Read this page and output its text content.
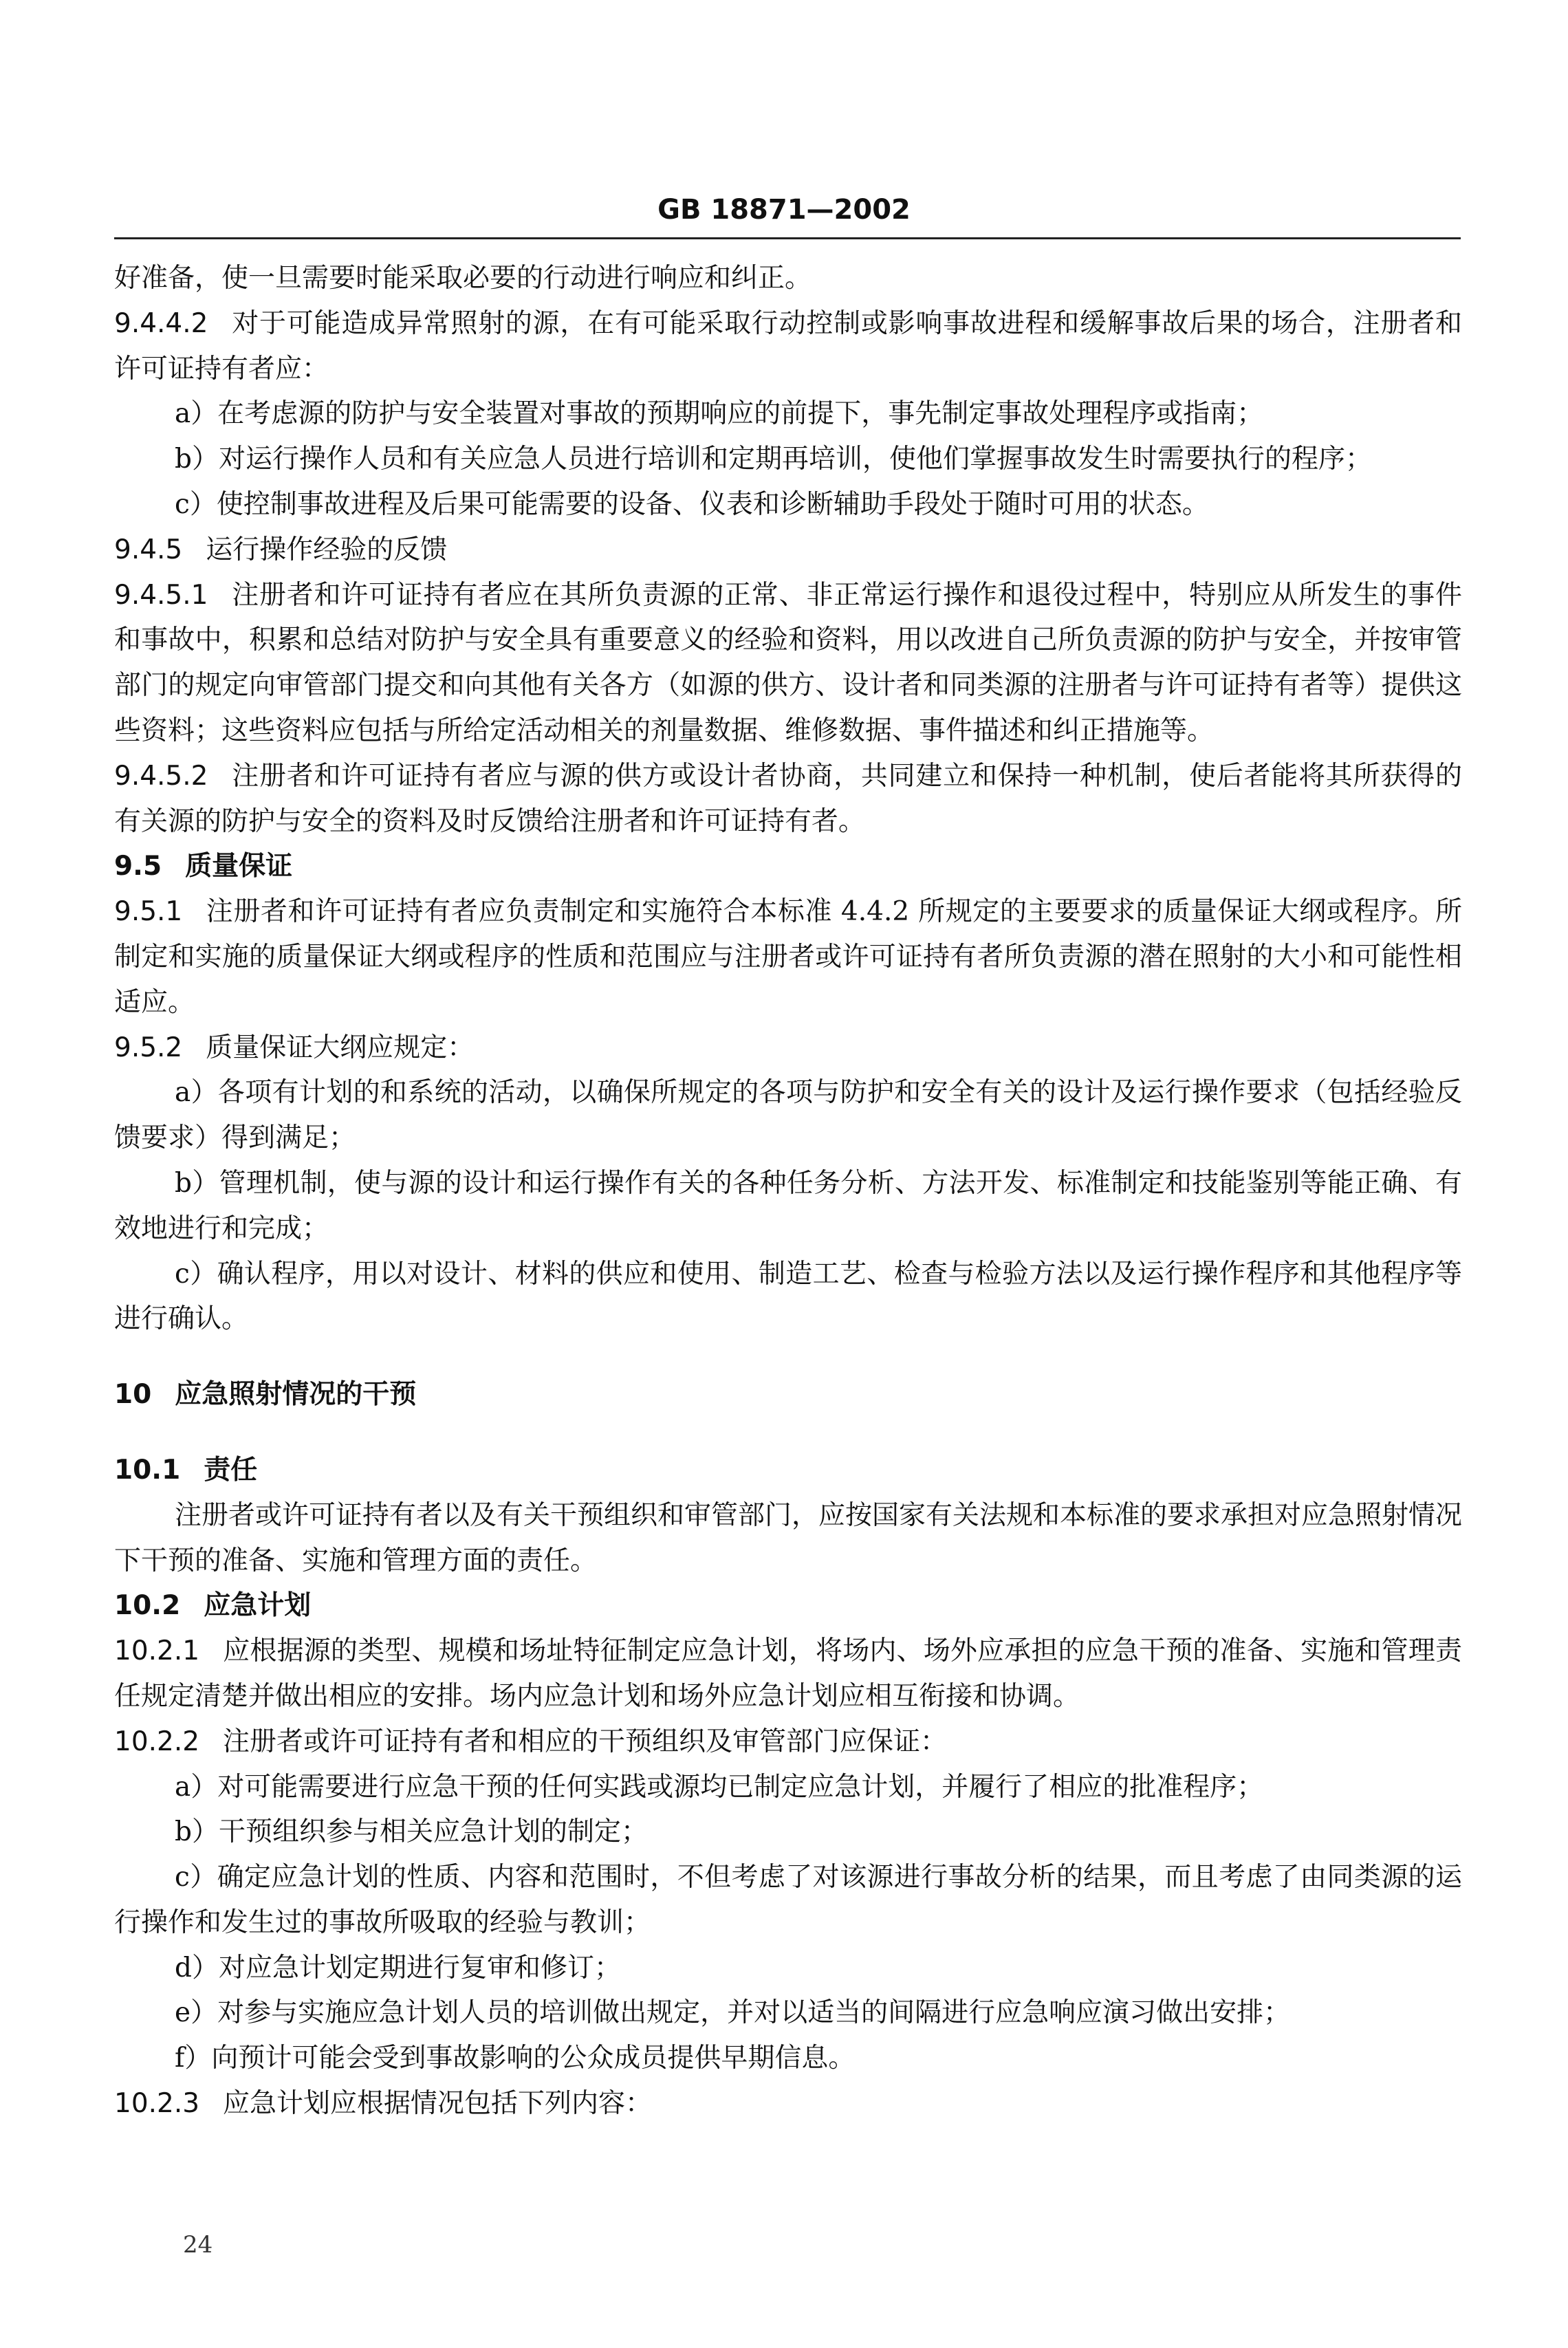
GB 18871—2002

好准备，使一旦需要时能采取必要的行动进行响应和纠正。

9.4.4.2 对于可能造成异常照射的源，在有可能采取行动控制或影响事故进程和缓解事故后果的场合，注册者和许可证持有者应：

a）在考虑源的防护与安全装置对事故的预期响应的前提下，事先制定事故处理程序或指南；

b）对运行操作人员和有关应急人员进行培训和定期再培训，使他们掌握事故发生时需要执行的程序；

c）使控制事故进程及后果可能需要的设备、仪表和诊断辅助手段处于随时可用的状态。

9.4.5 运行操作经验的反馈

9.4.5.1 注册者和许可证持有者应在其所负责源的正常、非正常运行操作和退役过程中，特别应从所发生的事件和事故中，积累和总结对防护与安全具有重要意义的经验和资料，用以改进自己所负责源的防护与安全，并按审管部门的规定向审管部门提交和向其他有关各方（如源的供方、设计者和同类源的注册者与许可证持有者等）提供这些资料；这些资料应包括与所给定活动相关的剂量数据、维修数据、事件描述和纠正措施等。

9.4.5.2 注册者和许可证持有者应与源的供方或设计者协商，共同建立和保持一种机制，使后者能将其所获得的有关源的防护与安全的资料及时反馈给注册者和许可证持有者。

9.5 质量保证

9.5.1 注册者和许可证持有者应负责制定和实施符合本标准 4.4.2 所规定的主要要求的质量保证大纲或程序。所制定和实施的质量保证大纲或程序的性质和范围应与注册者或许可证持有者所负责源的潜在照射的大小和可能性相适应。

9.5.2 质量保证大纲应规定：

a）各项有计划的和系统的活动，以确保所规定的各项与防护和安全有关的设计及运行操作要求（包括经验反馈要求）得到满足；

b）管理机制，使与源的设计和运行操作有关的各种任务分析、方法开发、标准制定和技能鉴别等能正确、有效地进行和完成；

c）确认程序，用以对设计、材料的供应和使用、制造工艺、检查与检验方法以及运行操作程序和其他程序等进行确认。

10 应急照射情况的干预

10.1 责任

注册者或许可证持有者以及有关干预组织和审管部门，应按国家有关法规和本标准的要求承担对应急照射情况下干预的准备、实施和管理方面的责任。

10.2 应急计划

10.2.1 应根据源的类型、规模和场址特征制定应急计划，将场内、场外应承担的应急干预的准备、实施和管理责任规定清楚并做出相应的安排。场内应急计划和场外应急计划应相互衔接和协调。

10.2.2 注册者或许可证持有者和相应的干预组织及审管部门应保证：

a）对可能需要进行应急干预的任何实践或源均已制定应急计划，并履行了相应的批准程序；

b）干预组织参与相关应急计划的制定；

c）确定应急计划的性质、内容和范围时，不但考虑了对该源进行事故分析的结果，而且考虑了由同类源的运行操作和发生过的事故所吸取的经验与教训；

d）对应急计划定期进行复审和修订；

e）对参与实施应急计划人员的培训做出规定，并对以适当的间隔进行应急响应演习做出安排；

f）向预计可能会受到事故影响的公众成员提供早期信息。

10.2.3 应急计划应根据情况包括下列内容：

24
